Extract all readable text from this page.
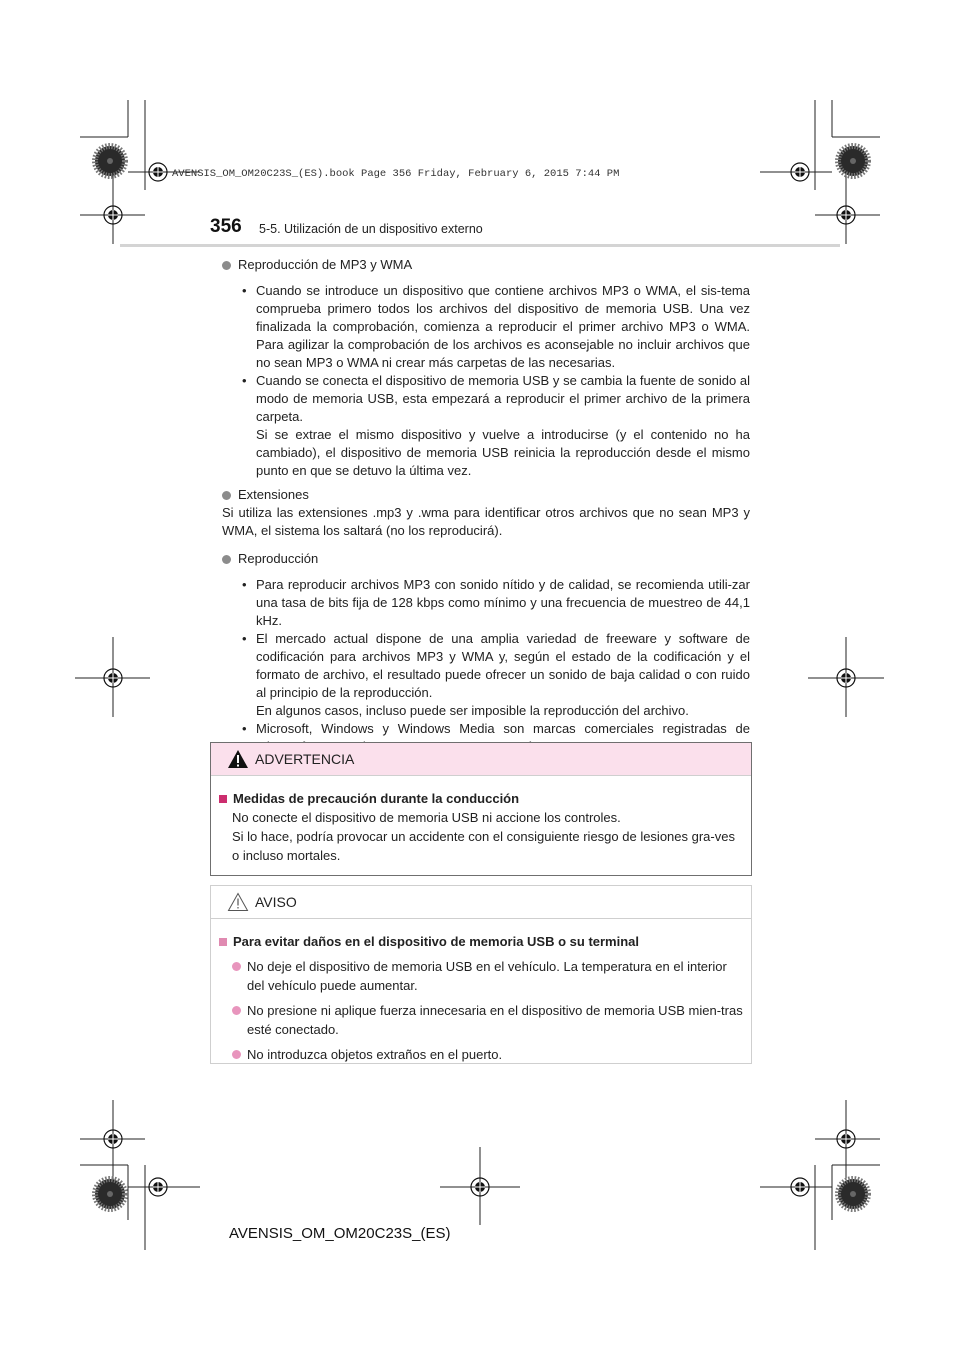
AVENSIS_OM_OM20C23S_(ES).book Page 356 Friday, February 6, 2015 7:44 PM
356 5-5. Utilización de un dispositivo externo
Reproducción de MP3 y WMA
• Cuando se introduce un dispositivo que contiene archivos MP3 o WMA, el sis-tema comprueba primero todos los archivos del dispositivo de memoria USB. Una vez finalizada la comprobación, comienza a reproducir el primer archivo MP3 o WMA. Para agilizar la comprobación de los archivos es aconsejable no incluir archivos que no sean MP3 o WMA ni crear más carpetas de las necesarias.
• Cuando se conecta el dispositivo de memoria USB y se cambia la fuente de sonido al modo de memoria USB, esta empezará a reproducir el primer archivo de la primera carpeta.
Si se extrae el mismo dispositivo y vuelve a introducirse (y el contenido no ha cambiado), el dispositivo de memoria USB reinicia la reproducción desde el mismo punto en que se detuvo la última vez.
Extensiones
Si utiliza las extensiones .mp3 y .wma para identificar otros archivos que no sean MP3 y WMA, el sistema los saltará (no los reproducirá).
Reproducción
• Para reproducir archivos MP3 con sonido nítido y de calidad, se recomienda utili-zar una tasa de bits fija de 128 kbps como mínimo y una frecuencia de muestreo de 44,1 kHz.
• El mercado actual dispone de una amplia variedad de freeware y software de codificación para archivos MP3 y WMA y, según el estado de la codificación y el formato de archivo, el resultado puede ofrecer un sonido de baja calidad o con ruido al principio de la reproducción.
En algunos casos, incluso puede ser imposible la reproducción del archivo.
• Microsoft, Windows y Windows Media son marcas comerciales registradas de
ADVERTENCIA
Medidas de precaución durante la conducción
No conecte el dispositivo de memoria USB ni accione los controles.
Si lo hace, podría provocar un accidente con el consiguiente riesgo de lesiones gra-ves o incluso mortales.
AVISO
Para evitar daños en el dispositivo de memoria USB o su terminal
No deje el dispositivo de memoria USB en el vehículo. La temperatura en el interior del vehículo puede aumentar.
No presione ni aplique fuerza innecesaria en el dispositivo de memoria USB mien-tras esté conectado.
No introduzca objetos extraños en el puerto.
AVENSIS_OM_OM20C23S_(ES)
